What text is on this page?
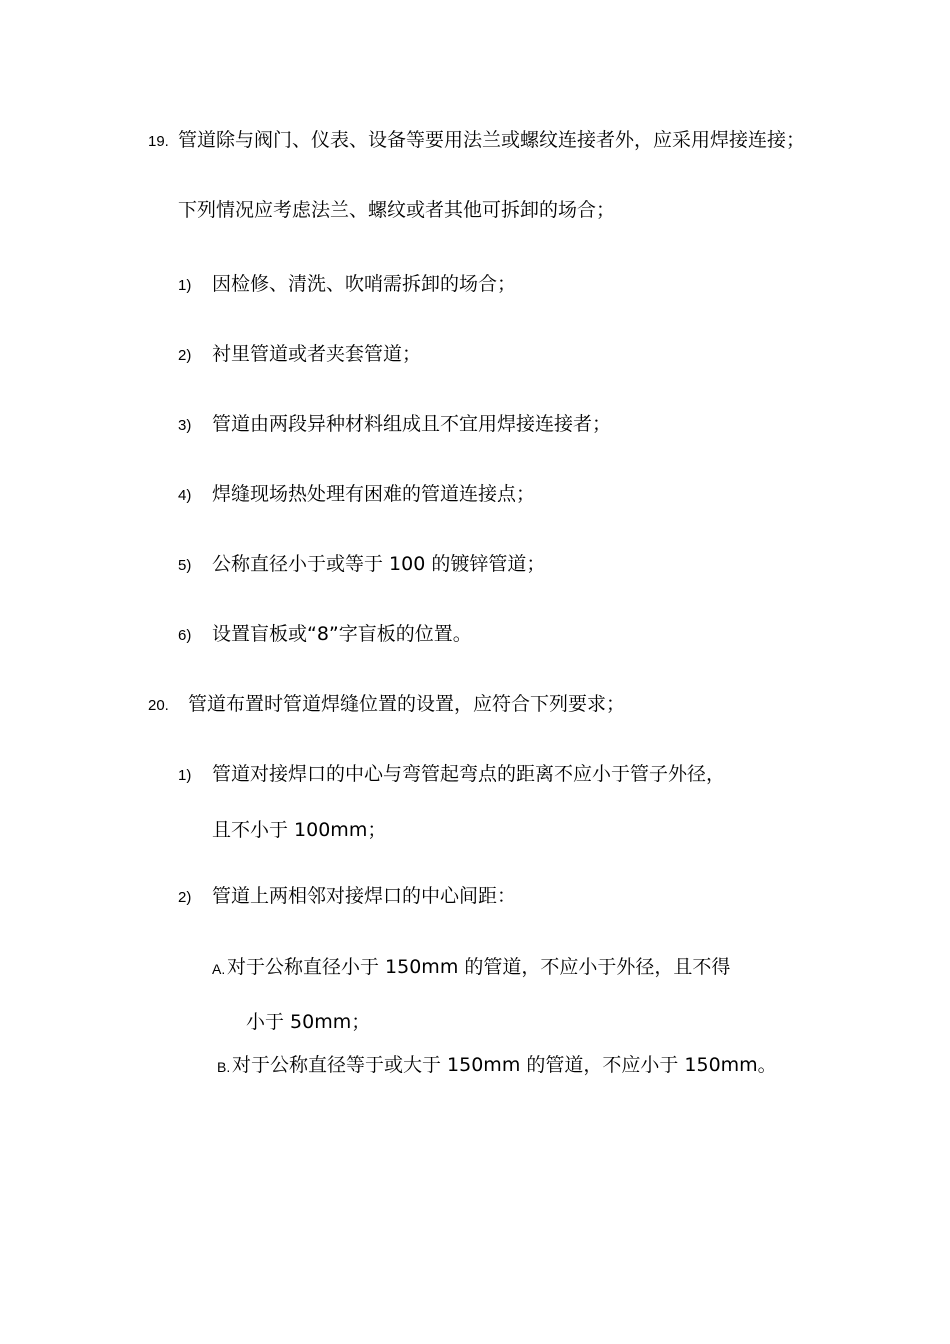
19. 管道除与阀门、仪表、设备等要用法兰或螺纹连接者外，应采用焊接连接；
下列情况应考虑法兰、螺纹或者其他可拆卸的场合；
1) 因检修、清洗、吹哨需拆卸的场合；
2) 衬里管道或者夹套管道；
3) 管道由两段异种材料组成且不宜用焊接连接者；
4) 焊缝现场热处理有困难的管道连接点；
5) 公称直径小于或等于 100 的镀锌管道；
6) 设置盲板或“8”字盲板的位置。
20. 管道布置时管道焊缝位置的设置，应符合下列要求；
1) 管道对接焊口的中心与弯管起弯点的距离不应小于管子外径，
且不小于 100mm；
2) 管道上两相邻对接焊口的中心间距：
A. 对于公称直径小于 150mm 的管道，不应小于外径，且不得
小于 50mm；
B. 对于公称直径等于或大于 150mm 的管道，不应小于 150mm。
